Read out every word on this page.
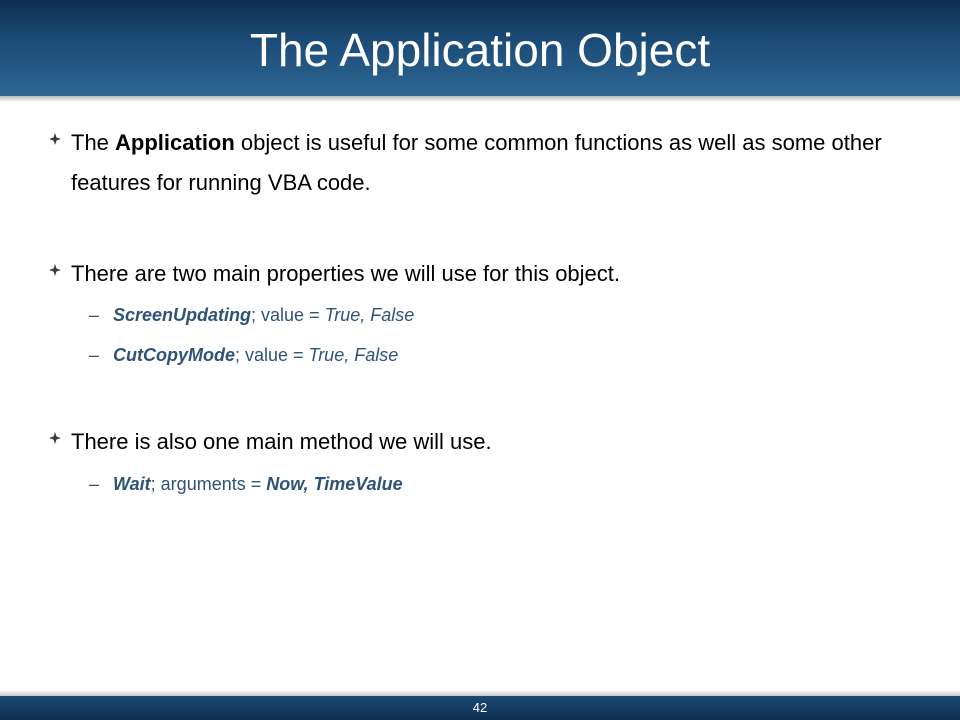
The Application Object
The Application object is useful for some common functions as well as some other features for running VBA code.
There are two main properties we will use for this object.
– ScreenUpdating; value = True, False
– CutCopyMode; value = True, False
There is also one main method we will use.
– Wait; arguments = Now, TimeValue
42
